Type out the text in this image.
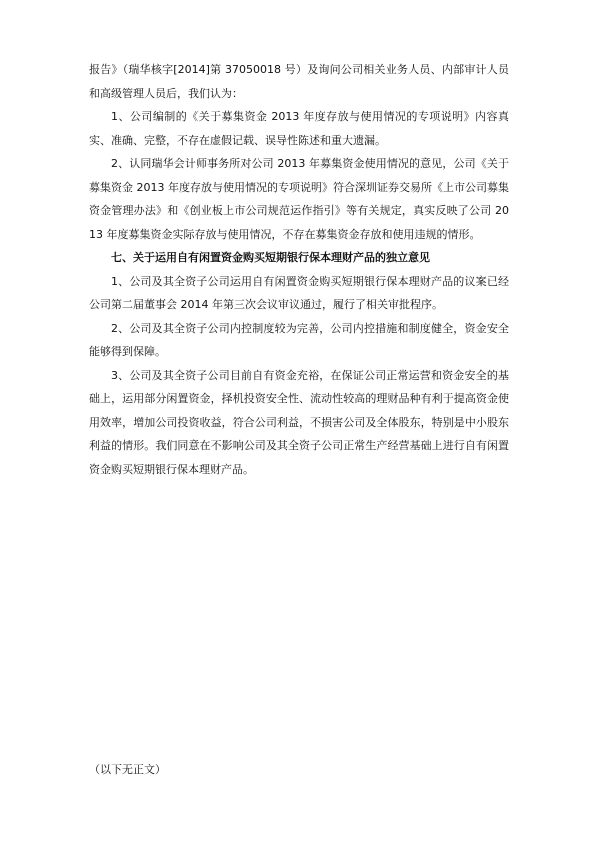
报告》（瑞华核字[2014]第 37050018 号）及询问公司相关业务人员、内部审计人员和高级管理人员后，我们认为：

1、公司编制的《关于募集资金 2013 年度存放与使用情况的专项说明》内容真实、准确、完整，不存在虚假记载、误导性陈述和重大遗漏。

2、认同瑞华会计师事务所对公司 2013 年募集资金使用情况的意见，公司《关于募集资金 2013 年度存放与使用情况的专项说明》符合深圳证券交易所《上市公司募集资金管理办法》和《创业板上市公司规范运作指引》等有关规定，真实反映了公司 2013 年度募集资金实际存放与使用情况，不存在募集资金存放和使用违规的情形。

七、关于运用自有闲置资金购买短期银行保本理财产品的独立意见

1、公司及其全资子公司运用自有闲置资金购买短期银行保本理财产品的议案已经公司第二届董事会 2014 年第三次会议审议通过，履行了相关审批程序。

2、公司及其全资子公司内控制度较为完善，公司内控措施和制度健全，资金安全能够得到保障。

3、公司及其全资子公司目前自有资金充裕，在保证公司正常运营和资金安全的基础上，运用部分闲置资金，择机投资安全性、流动性较高的理财品种有利于提高资金使用效率，增加公司投资收益，符合公司利益，不损害公司及全体股东，特别是中小股东利益的情形。我们同意在不影响公司及其全资子公司正常生产经营基础上进行自有闲置资金购买短期银行保本理财产品。

（以下无正文）
